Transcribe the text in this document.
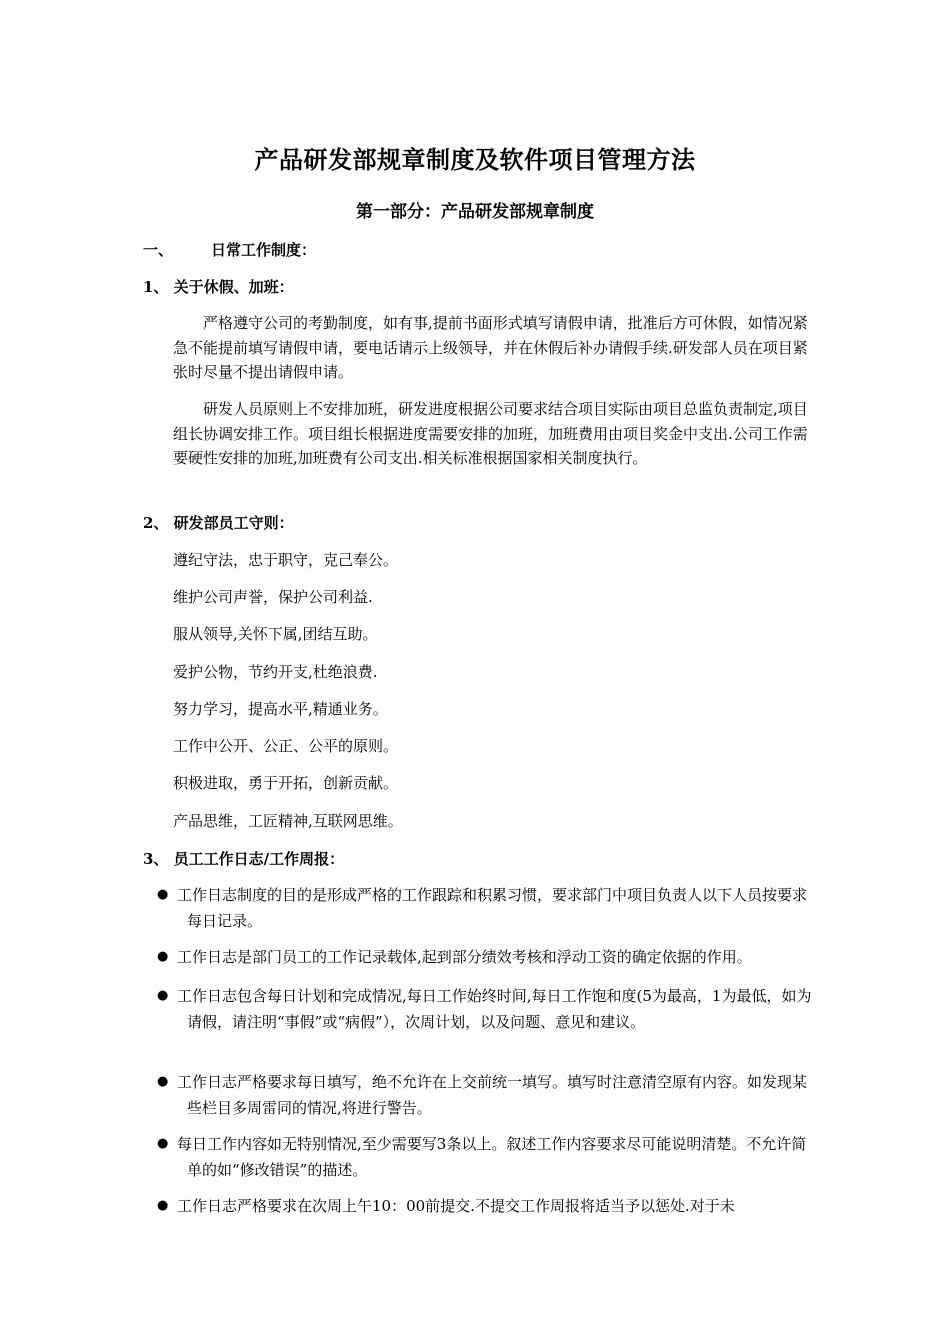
产品研发部规章制度及软件项目管理方法
第一部分：产品研发部规章制度
一、	日常工作制度：
1、 关于休假、加班：
严格遵守公司的考勤制度，如有事,提前书面形式填写请假申请，批准后方可休假，如情况紧急不能提前填写请假申请，要电话请示上级领导，并在休假后补办请假手续.研发部人员在项目紧张时尽量不提出请假申请。
研发人员原则上不安排加班，研发进度根据公司要求结合项目实际由项目总监负责制定,项目组长协调安排工作。项目组长根据进度需要安排的加班，加班费用由项目奖金中支出.公司工作需要硬性安排的加班,加班费有公司支出.相关标准根据国家相关制度执行。
2、 研发部员工守则：
遵纪守法，忠于职守，克己奉公。
维护公司声誉，保护公司利益.
服从领导,关怀下属,团结互助。
爱护公物，节约开支,杜绝浪费.
努力学习，提高水平,精通业务。
工作中公开、公正、公平的原则。
积极进取，勇于开拓，创新贡献。
产品思维，工匠精神,互联网思维。
3、 员工工作日志/工作周报：
● 工作日志制度的目的是形成严格的工作跟踪和积累习惯，要求部门中项目负责人以下人员按要求每日记录。
● 工作日志是部门员工的工作记录载体,起到部分绩效考核和浮动工资的确定依据的作用。
● 工作日志包含每日计划和完成情况,每日工作始终时间,每日工作饱和度(5为最高，1为最低，如为请假，请注明“事假”或“病假”），次周计划，以及问题、意见和建议。
● 工作日志严格要求每日填写，绝不允许在上交前统一填写。填写时注意清空原有内容。如发现某些栏目多周雷同的情况,将进行警告。
● 每日工作内容如无特别情况,至少需要写3条以上。叙述工作内容要求尽可能说明清楚。不允许简单的如“修改错误”的描述。
● 工作日志严格要求在次周上午10：00前提交.不提交工作周报将适当予以惩处.对于未
